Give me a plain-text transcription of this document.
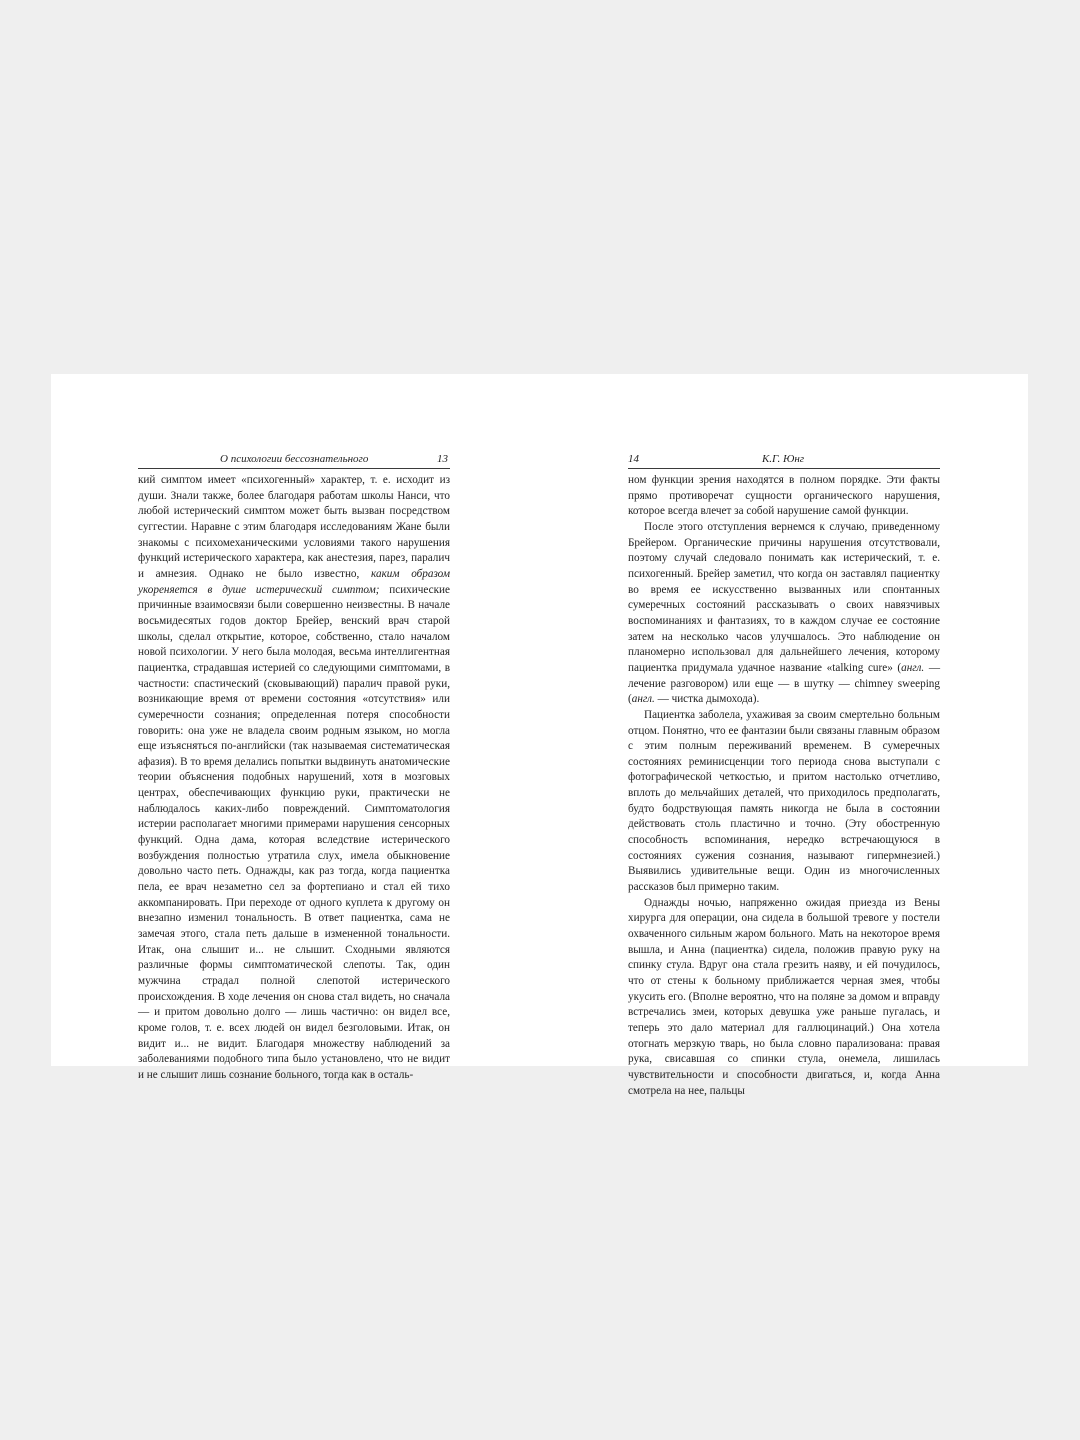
О психологии бессознательного	13

кий симптом имеет «психогенный» характер, т. е. исходит из души. Знали также, более благодаря работам школы Нанси, что любой истерический симптом может быть вызван посредством суггестии. Наравне с этим благодаря исследованиям Жане были знакомы с психомеханическими условиями такого нарушения функций истерического характера, как анестезия, парез, паралич и амнезия. Однако не было известно, каким образом укореняется в душе истерический симптом; психические причинные взаимосвязи были совершенно неизвестны. В начале восьмидесятых годов доктор Брейер, венский врач старой школы, сделал открытие, которое, собственно, стало началом новой психологии. У него была молодая, весьма интеллигентная пациентка, страдавшая истерией со следующими симптомами, в частности: спастический (сковывающий) паралич правой руки, возникающие время от времени состояния «отсутствия» или сумеречности сознания; определенная потеря способности говорить: она уже не владела своим родным языком, но могла еще изъясняться по-английски (так называемая систематическая афазия). В то время делались попытки выдвинуть анатомические теории объяснения подобных нарушений, хотя в мозговых центрах, обеспечивающих функцию руки, практически не наблюдалось каких-либо повреждений. Симптоматология истерии располагает многими примерами нарушения сенсорных функций. Одна дама, которая вследствие истерического возбуждения полностью утратила слух, имела обыкновение довольно часто петь. Однажды, как раз тогда, когда пациентка пела, ее врач незаметно сел за фортепиано и стал ей тихо аккомпанировать. При переходе от одного куплета к другому он внезапно изменил тональность. В ответ пациентка, сама не замечая этого, стала петь дальше в измененной тональности. Итак, она слышит и... не слышит. Сходными являются различные формы симптоматической слепоты. Так, один мужчина страдал полной слепотой истерического происхождения. В ходе лечения он снова стал видеть, но сначала — и притом довольно долго — лишь частично: он видел все, кроме голов, т. е. всех людей он видел безголовыми. Итак, он видит и... не видит. Благодаря множеству наблюдений за заболеваниями подобного типа было установлено, что не видит и не слышит лишь сознание больного, тогда как в осталь-

14	К.Г. Юнг

ном функции зрения находятся в полном порядке. Эти факты прямо противоречат сущности органического нарушения, которое всегда влечет за собой нарушение самой функции.

После этого отступления вернемся к случаю, приведенному Брейером. Органические причины нарушения отсутствовали, поэтому случай следовало понимать как истерический, т. е. психогенный. Брейер заметил, что когда он заставлял пациентку во время ее искусственно вызванных или спонтанных сумеречных состояний рассказывать о своих навязчивых воспоминаниях и фантазиях, то в каждом случае ее состояние затем на несколько часов улучшалось. Это наблюдение он планомерно использовал для дальнейшего лечения, которому пациентка придумала удачное название «talking cure» (англ. — лечение разговором) или еще — в шутку — chimney sweeping (англ. — чистка дымохода).

Пациентка заболела, ухаживая за своим смертельно больным отцом. Понятно, что ее фантазии были связаны главным образом с этим полным переживаний временем. В сумеречных состояниях реминисценции того периода снова выступали с фотографической четкостью, и притом настолько отчетливо, вплоть до мельчайших деталей, что приходилось предполагать, будто бодрствующая память никогда не была в состоянии действовать столь пластично и точно. (Эту обостренную способность вспоминания, нередко встречающуюся в состояниях сужения сознания, называют гипермнезией.) Выявились удивительные вещи. Один из многочисленных рассказов был примерно таким.

Однажды ночью, напряженно ожидая приезда из Вены хирурга для операции, она сидела в большой тревоге у постели охваченного сильным жаром больного. Мать на некоторое время вышла, и Анна (пациентка) сидела, положив правую руку на спинку стула. Вдруг она стала грезить наяву, и ей почудилось, что от стены к больному приближается черная змея, чтобы укусить его. (Вполне вероятно, что на поляне за домом и вправду встречались змеи, которых девушка уже раньше пугалась, и теперь это дало материал для галлюцинаций.) Она хотела отогнать мерзкую тварь, но была словно парализована: правая рука, свисавшая со спинки стула, онемела, лишилась чувствительности и способности двигаться, и, когда Анна смотрела на нее, пальцы
